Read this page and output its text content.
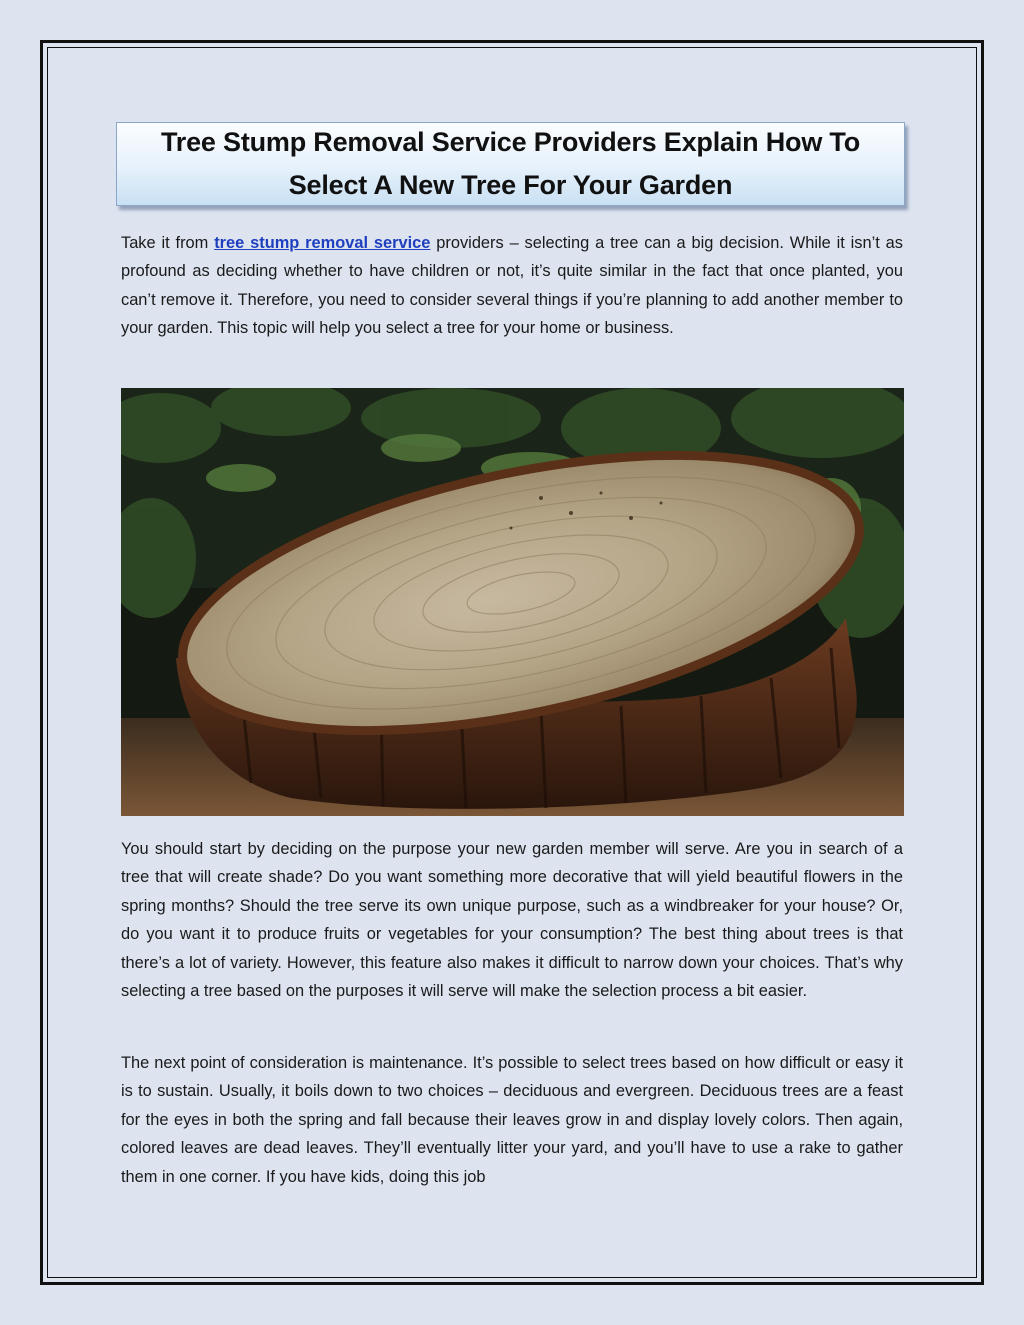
Tree Stump Removal Service Providers Explain How To Select A New Tree For Your Garden

Take it from tree stump removal service providers – selecting a tree can a big decision. While it isn’t as profound as deciding whether to have children or not, it’s quite similar in the fact that once planted, you can’t remove it. Therefore, you need to consider several things if you’re planning to add another member to your garden. This topic will help you select a tree for your home or business.

You should start by deciding on the purpose your new garden member will serve. Are you in search of a tree that will create shade? Do you want something more decorative that will yield beautiful flowers in the spring months? Should the tree serve its own unique purpose, such as a windbreaker for your house? Or, do you want it to produce fruits or vegetables for your consumption? The best thing about trees is that there’s a lot of variety. However, this feature also makes it difficult to narrow down your choices. That’s why selecting a tree based on the purposes it will serve will make the selection process a bit easier.

The next point of consideration is maintenance. It’s possible to select trees based on how difficult or easy it is to sustain. Usually, it boils down to two choices – deciduous and evergreen. Deciduous trees are a feast for the eyes in both the spring and fall because their leaves grow in and display lovely colors. Then again, colored leaves are dead leaves. They’ll eventually litter your yard, and you’ll have to use a rake to gather them in one corner. If you have kids, doing this job
